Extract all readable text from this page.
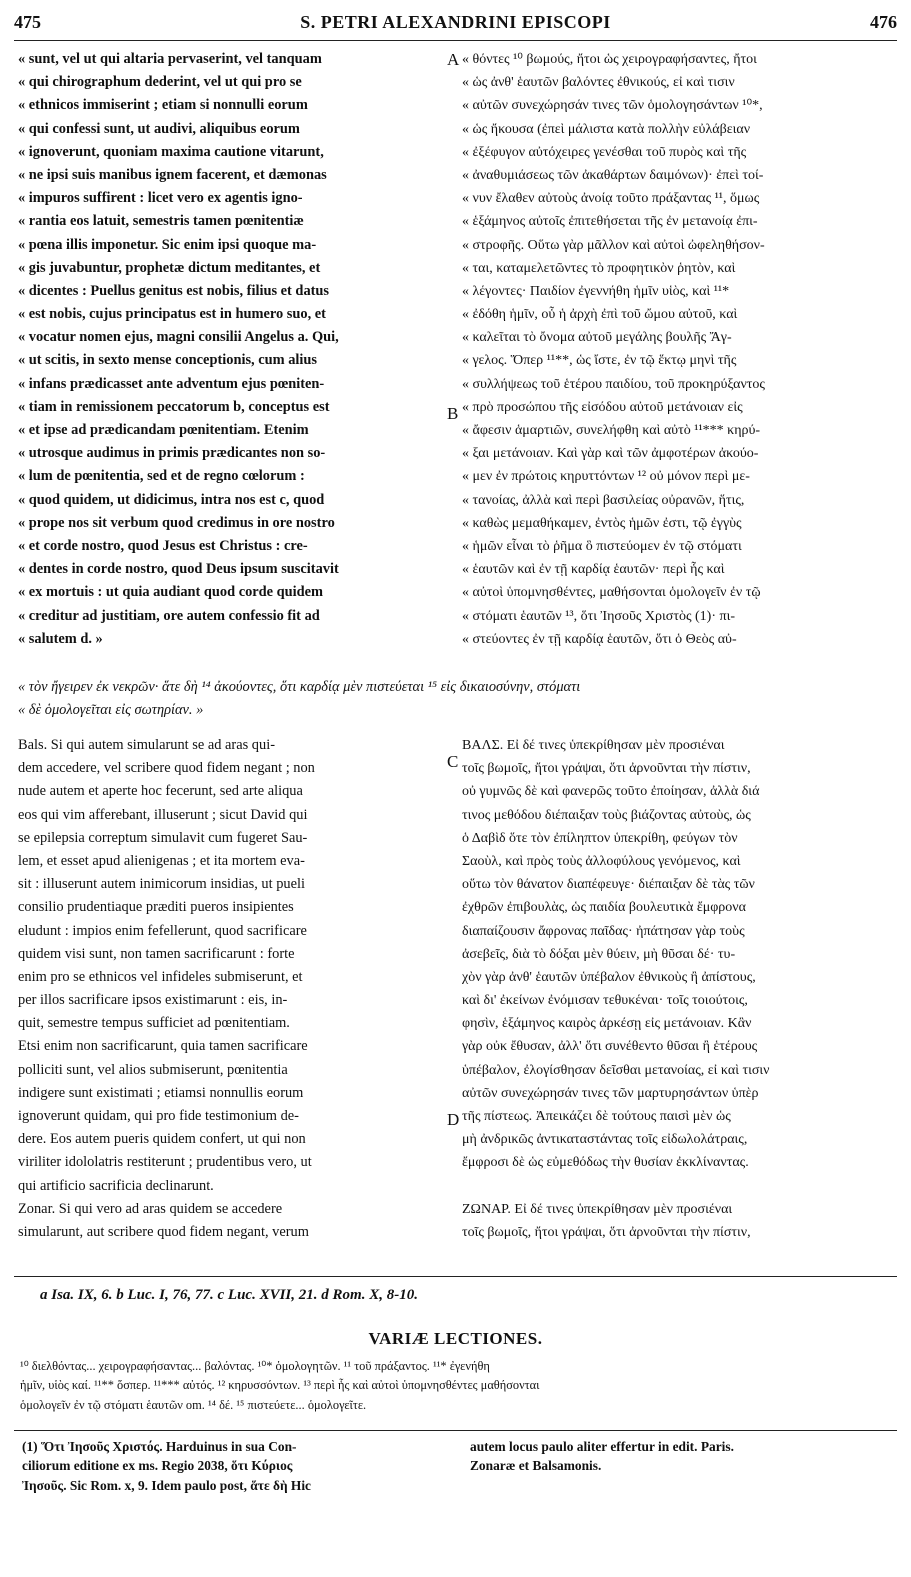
475	S. PETRI ALEXANDRINI EPISCOPI	476
« sunt, vel ut qui altaria pervaserint, vel tanquam
« qui chirographum dederint, vel ut qui pro se
« ethnicos immiserint ; etiam si nonnulli eorum
« qui confessi sunt, ut audivi, aliquibus eorum
« ignoverunt, quoniam maxima cautione vitarunt,
« ne ipsi suis manibus ignem facerent, et dæmonas
« impuros suffirent : licet vero ex agentis igno-
« rantia eos latuit, semestris tamen pœnitentiæ
« pœna illis imponetur. Sic enim ipsi quoque ma-
« gis juvabuntur, prophetæ dictum meditantes, et
« dicentes : Puellus genitus est nobis, filius et datus
« est nobis, cujus principatus est in humero suo, et
« vocatur nomen ejus, magni consilii Angelus a. Qui,
« ut scitis, in sexto mense conceptionis, cum alius
« infans prædicasset ante adventum ejus pœniten-
« tiam in remissionem peccatorum b, conceptus est
« et ipse ad prædicandam pœnitentiam. Etenim
« utrosque audimus in primis prædicantes non so-
« lum de pœnitentia, sed et de regno cœlorum :
« quod quidem, ut didicimus, intra nos est c, quod
« prope nos sit verbum quod credimus in ore nostro
« et corde nostro, quod Jesus est Christus : cre-
« dentes in corde nostro, quod Deus ipsum suscitavit
« ex mortuis : ut quia audiant quod corde quidem
« creditur ad justitiam, ore autem confessio fit ad
« salutem d. »
« θόντες ¹⁰ βωμούς, ἤτοι ὡς χειρογραφήσαντες, ἤτοι
« ὡς ἀνθ' ἑαυτῶν βαλόντες ἐθνικούς, εἰ καὶ τισιν
« αὐτῶν συνεχώρησάν τινες τῶν ὁμολογησάντων ¹⁰*,
« ὡς ἤκουσα (ἐπεὶ μάλιστα κατὰ πολλὴν εὐλάβειαν
« ἐξέφυγον αὐτόχειρες γενέσθαι τοῦ πυρὸς καὶ τῆς
« ἀναθυμιάσεως τῶν ἀκαθάρτων δαιμόνων)· ἐπεὶ τοί-
« νυν ἔλαθεν αὐτοὺς ἀνοίᾳ τοῦτο πράξαντας ¹¹, ὅμως
« ἑξάμηνος αὐτοῖς ἐπιτεθήσεται τῆς ἐν μετανοίᾳ ἐπι-
« στροφῆς. Οὕτω γὰρ μᾶλλον καὶ αὐτοὶ ὠφεληθήσον-
« ται, καταμελετῶντες τὸ προφητικὸν ῥητὸν, καὶ
« λέγοντες· Παιδίον ἐγεννήθη ἡμῖν υἱὸς, καὶ ¹¹*
« ἐδόθη ἡμῖν, οὗ ἡ ἀρχὴ ἐπὶ τοῦ ὤμου αὐτοῦ, καὶ
« καλεῖται τὸ ὄνομα αὐτοῦ μεγάλης βουλῆς Ἄγ-
« γελος. Ὅπερ ¹¹**, ὡς ἴστε, ἐν τῷ ἕκτῳ μηνὶ τῆς
« συλλήψεως τοῦ ἑτέρου παιδίου, τοῦ προκηρύξαντος
« πρὸ προσώπου τῆς εἰσόδου αὐτοῦ μετάνοιαν εἰς
« ἄφεσιν ἁμαρτιῶν, συνελήφθη καὶ αὐτὸ ¹¹*** κηρύ-
« ξαι μετάνοιαν. Καὶ γὰρ καὶ τῶν ἀμφοτέρων ἀκούο-
« μεν ἐν πρώτοις κηρυττόντων ¹² οὐ μόνον περὶ με-
« τανοίας, ἀλλὰ καὶ περὶ βασιλείας οὐρανῶν, ἥτις,
« καθὼς μεμαθήκαμεν, ἐντὸς ἡμῶν ἐστι, τῷ ἐγγὺς
« ἡμῶν εἶναι τὸ ῥῆμα ὃ πιστεύομεν ἐν τῷ στόματι
« ἑαυτῶν καὶ ἐν τῇ καρδίᾳ ἑαυτῶν· περὶ ἧς καὶ
« αὐτοὶ ὑπομνησθέντες, μαθήσονται ὁμολογεῖν ἐν τῷ
« στόματι ἑαυτῶν ¹³, ὅτι Ἰησοῦς Χριστὸς (1)· πι-
« στεύοντες ἐν τῇ καρδίᾳ ἑαυτῶν, ὅτι ὁ Θεὸς αὐ-
A
B
C
D
« τὸν ἤγειρεν ἐκ νεκρῶν· ἅτε δὴ ¹⁴ ἀκούοντες, ὅτι καρδίᾳ μὲν πιστεύεται ¹⁵ εἰς δικαιοσύνην, στόματι
« δὲ ὁμολογεῖται εἰς σωτηρίαν. »
Bals. Si qui autem simularunt se ad aras qui-
dem accedere, vel scribere quod fidem negant ; non
nude autem et aperte hoc fecerunt, sed arte aliqua
eos qui vim afferebant, illuserunt ; sicut David qui
se epilepsia correptum simulavit cum fugeret Sau-
lem, et esset apud alienigenas ; et ita mortem eva-
sit : illuserunt autem inimicorum insidias, ut pueli
consilio prudentiaque præditi pueros insipientes
eludunt : impios enim fefellerunt, quod sacrificare
quidem visi sunt, non tamen sacrificarunt : forte
enim pro se ethnicos vel infideles submiserunt, et
per illos sacrificare ipsos existimarunt : eis, in-
quit, semestre tempus sufficiet ad pœnitentiam.
Etsi enim non sacrificarunt, quia tamen sacrificare
polliciti sunt, vel alios submiserunt, pœnitentia
indigere sunt existimati ; etiamsi nonnullis eorum
ignoverunt quidam, qui pro fide testimonium de-
dere. Eos autem pueris quidem confert, ut qui non
viriliter idololatris restiterunt ; prudentibus vero, ut
qui artificio sacrificia declinarunt.
Zonar. Si qui vero ad aras quidem se accedere
simularunt, aut scribere quod fidem negant, verum
ΒΑΛΣ. Εἰ δέ τινες ὑπεκρίθησαν μὲν προσιέναι
τοῖς βωμοῖς, ἤτοι γράψαι, ὅτι ἀρνοῦνται τὴν πίστιν,
οὐ γυμνῶς δὲ καὶ φανερῶς τοῦτο ἐποίησαν, ἀλλὰ διά
τινος μεθόδου διέπαιξαν τοὺς βιάζοντας αὐτοὺς, ὡς
ὁ Δαβὶδ ὅτε τὸν ἐπίληπτον ὑπεκρίθη, φεύγων τὸν
Σαοὺλ, καὶ πρὸς τοὺς ἀλλοφύλους γενόμενος, καὶ
οὕτω τὸν θάνατον διαπέφευγε· διέπαιξαν δὲ τὰς τῶν
ἐχθρῶν ἐπιβουλὰς, ὡς παιδία βουλευτικὰ ἔμφρονα
διαπαίζουσιν ἄφρονας παῖδας· ἠπάτησαν γὰρ τοὺς
ἀσεβεῖς, διὰ τὸ δόξαι μὲν θύειν, μὴ θῦσαι δέ· τυ-
χὸν γὰρ ἀνθ' ἑαυτῶν ὑπέβαλον ἐθνικοὺς ἢ ἀπίστους,
καὶ δι' ἐκείνων ἐνόμισαν τεθυκέναι· τοῖς τοιούτοις,
φησὶν, ἑξάμηνος καιρὸς ἀρκέσῃ εἰς μετάνοιαν. Κἂν
γὰρ οὐκ ἔθυσαν, ἀλλ' ὅτι συνέθεντο θῦσαι ἢ ἑτέρους
ὑπέβαλον, ἐλογίσθησαν δεῖσθαι μετανοίας, εἰ καὶ τισιν
αὐτῶν συνεχώρησάν τινες τῶν μαρτυρησάντων ὑπὲρ
τῆς πίστεως. Ἀπεικάζει δὲ τούτους παισὶ μὲν ὡς
μὴ ἀνδρικῶς ἀντικαταστάντας τοῖς εἰδωλολάτραις,
ἔμφροσι δὲ ὡς εὐμεθόδως τὴν θυσίαν ἐκκλίναντας.
ΖΩΝΑΡ. Εἰ δέ τινες ὑπεκρίθησαν μὲν προσιέναι
τοῖς βωμοῖς, ἤτοι γράψαι, ὅτι ἀρνοῦνται τὴν πίστιν,
a Isa. IX, 6. b Luc. I, 76, 77. c Luc. XVII, 21. d Rom. X, 8-10.
VARIÆ LECTIONES.
¹⁰ διελθόντας... χειρογραφήσαντας... βαλόντας. ¹⁰* ὁμολογητῶν. ¹¹ τοῦ πράξαντος. ¹¹* ἐγενήθη
ἡμῖν, υἱὸς καί. ¹¹** ὅσπερ. ¹¹*** αὐτός. ¹² κηρυσσόντων. ¹³ περὶ ἧς καὶ αὐτοὶ ὑπομνησθέντες μαθήσονται
ὁμολογεῖν ἐν τῷ στόματι ἑαυτῶν om. ¹⁴ δέ. ¹⁵ πιστεύετε... ὁμολογεῖτε.
(1) Ὅτι Ἰησοῦς Χριστός. Harduinus in sua Con-
ciliorum editione ex ms. Regio 2038, ὅτι Κύριος
Ἰησοῦς. Sic Rom. x, 9. Idem paulo post, ἅτε δὴ Hic
autem locus paulo aliter effertur in edit. Paris.
Zonaræ et Balsamonis.
